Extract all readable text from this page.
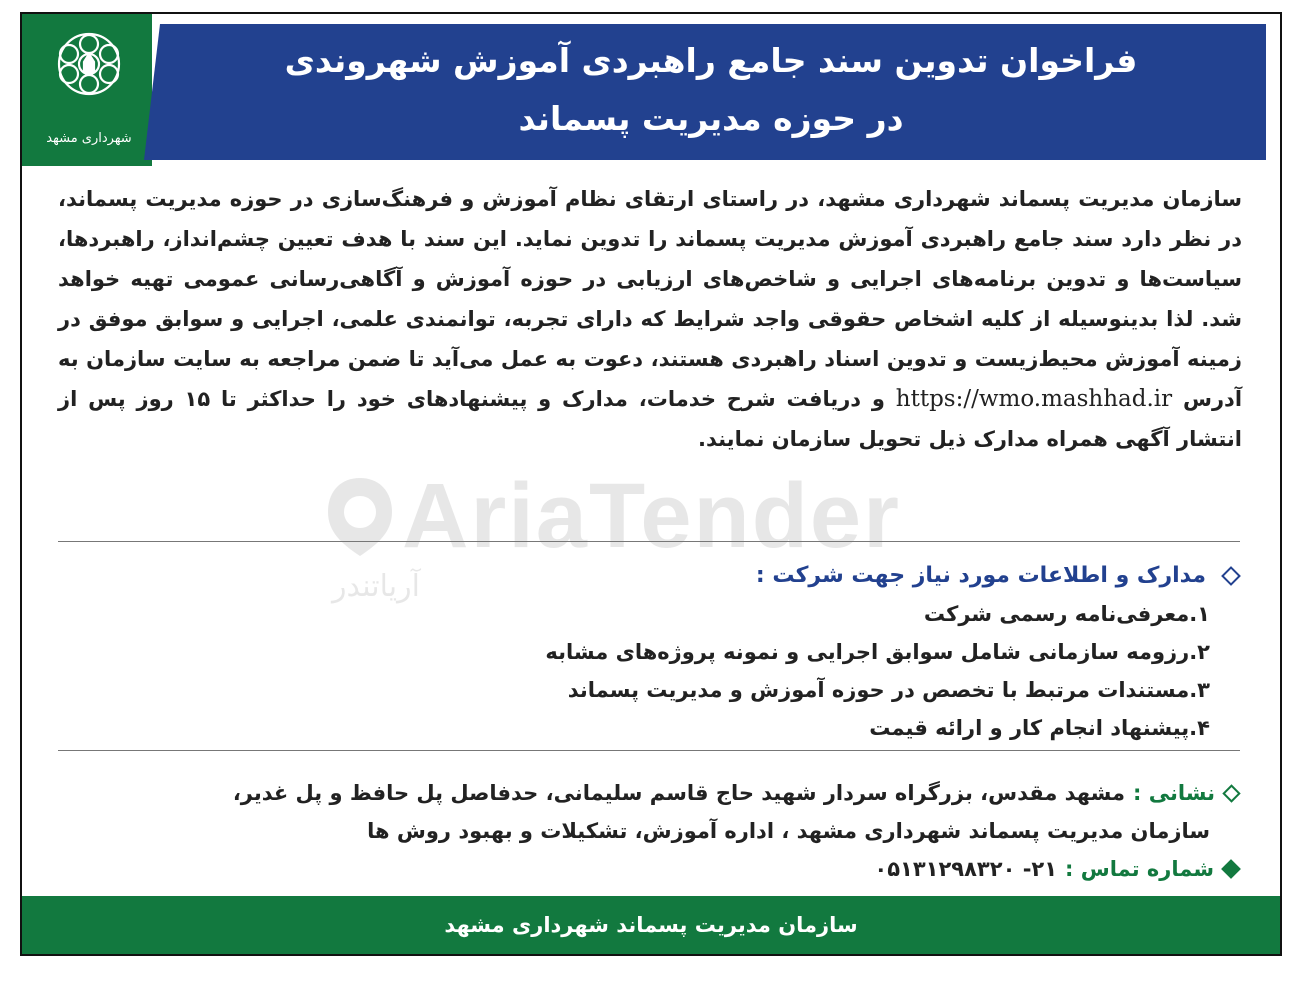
شهرداری مشهد
فراخوان تدوین سند جامع راهبردی آموزش شهروندی
در حوزه مدیریت پسماند
AriaTender
آریاتندر
سازمان مدیریت پسماند شهرداری مشهد، در راستای ارتقای نظام آموزش و فرهنگ‌سازی در حوزه مدیریت پسماند، در نظر دارد سند جامع راهبردی آموزش مدیریت پسماند را تدوین نماید. این سند با هدف تعیین چشم‌انداز، راهبردها، سیاست‌ها و تدوین برنامه‌های اجرایی و شاخص‌های ارزیابی در حوزه آموزش و آگاهی‌رسانی عمومی تهیه خواهد شد. لذا بدینوسیله از کلیه اشخاص حقوقی واجد شرایط که دارای تجربه، توانمندی علمی، اجرایی و سوابق موفق در زمینه آموزش محیط‌زیست و تدوین اسناد راهبردی هستند، دعوت به عمل می‌آید تا ضمن مراجعه به سایت سازمان به آدرس https://wmo.mashhad.ir و دریافت شرح خدمات، مدارک و پیشنهادهای خود را حداکثر تا ۱۵ روز پس از انتشار آگهی همراه مدارک ذیل تحویل سازمان نمایند.
مدارک و اطلاعات مورد نیاز جهت شرکت :
۱.معرفی‌نامه رسمی شرکت
۲.رزومه سازمانی شامل سوابق اجرایی و نمونه پروژه‌های مشابه
۳.مستندات مرتبط با تخصص در حوزه آموزش و مدیریت پسماند
۴.پیشنهاد انجام کار و ارائه قیمت
نشانی :
مشهد مقدس، بزرگراه سردار شهید حاج قاسم سلیمانی، حدفاصل پل حافظ و پل غدیر،
سازمان مدیریت پسماند شهرداری مشهد ، اداره آموزش، تشکیلات و بهبود روش ها
شماره تماس :
۰۵۱۳۱۲۹۸۳۲۰ -۲۱
سازمان مدیریت پسماند شهرداری مشهد
